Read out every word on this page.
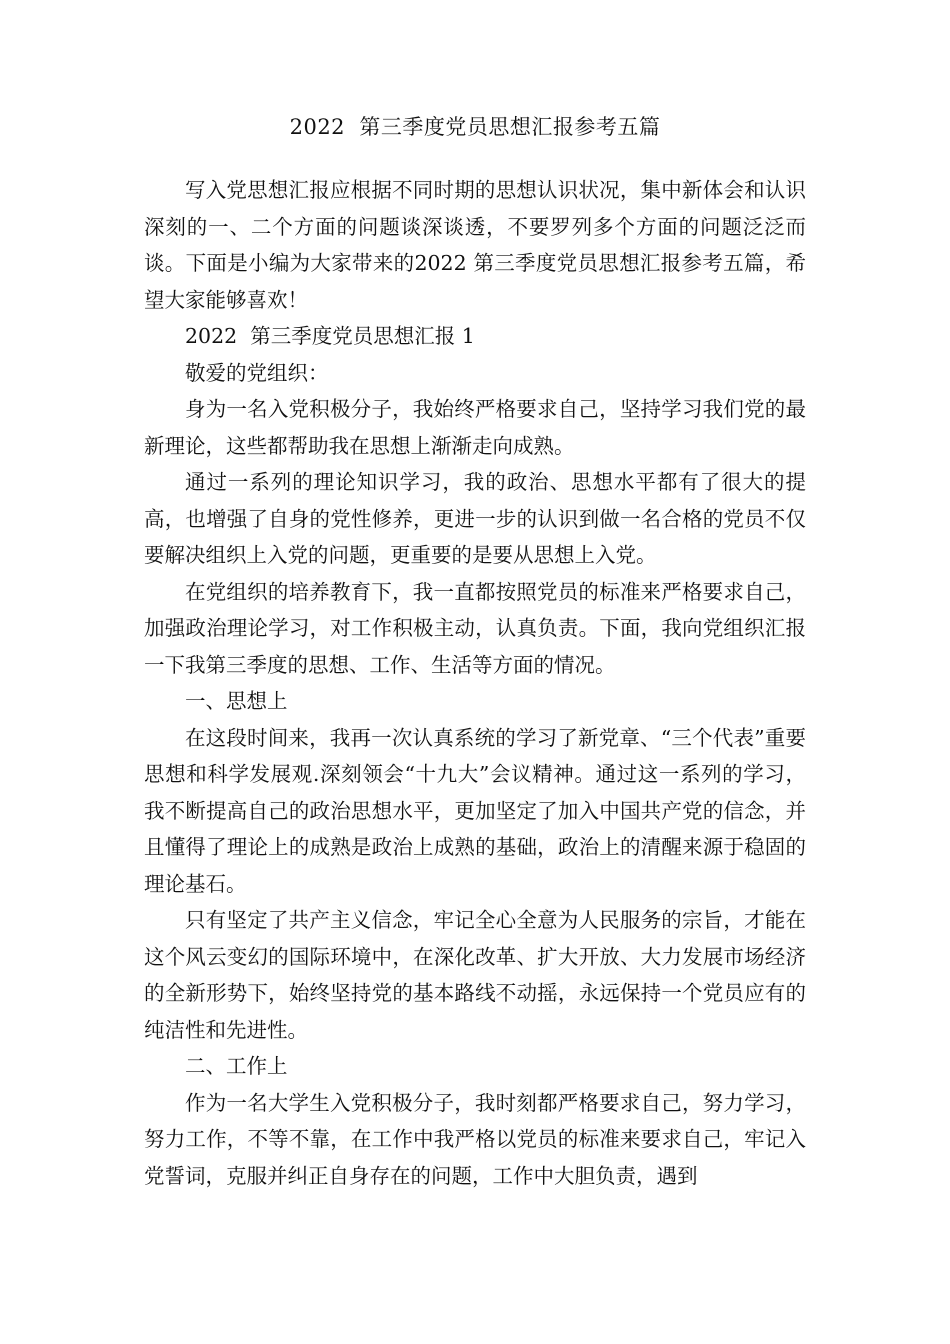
2022  第三季度党员思想汇报参考五篇

写入党思想汇报应根据不同时期的思想认识状况，集中新体会和认识深刻的一、二个方面的问题谈深谈透，不要罗列多个方面的问题泛泛而谈。下面是小编为大家带来的2022 第三季度党员思想汇报参考五篇，希望大家能够喜欢！

2022  第三季度党员思想汇报 1

敬爱的党组织：

身为一名入党积极分子，我始终严格要求自己，坚持学习我们党的最新理论，这些都帮助我在思想上渐渐走向成熟。

通过一系列的理论知识学习，我的政治、思想水平都有了很大的提高，也增强了自身的党性修养，更进一步的认识到做一名合格的党员不仅要解决组织上入党的问题，更重要的是要从思想上入党。

在党组织的培养教育下，我一直都按照党员的标准来严格要求自己，加强政治理论学习，对工作积极主动，认真负责。下面，我向党组织汇报一下我第三季度的思想、工作、生活等方面的情况。

一、思想上

在这段时间来，我再一次认真系统的学习了新党章、“三个代表”重要思想和科学发展观.深刻领会“十九大”会议精神。通过这一系列的学习，我不断提高自己的政治思想水平，更加坚定了加入中国共产党的信念，并且懂得了理论上的成熟是政治上成熟的基础，政治上的清醒来源于稳固的理论基石。

只有坚定了共产主义信念，牢记全心全意为人民服务的宗旨，才能在这个风云变幻的国际环境中，在深化改革、扩大开放、大力发展市场经济的全新形势下，始终坚持党的基本路线不动摇，永远保持一个党员应有的纯洁性和先进性。

二、工作上

作为一名大学生入党积极分子，我时刻都严格要求自己，努力学习，努力工作，不等不靠，在工作中我严格以党员的标准来要求自己，牢记入党誓词，克服并纠正自身存在的问题，工作中大胆负责，遇到
